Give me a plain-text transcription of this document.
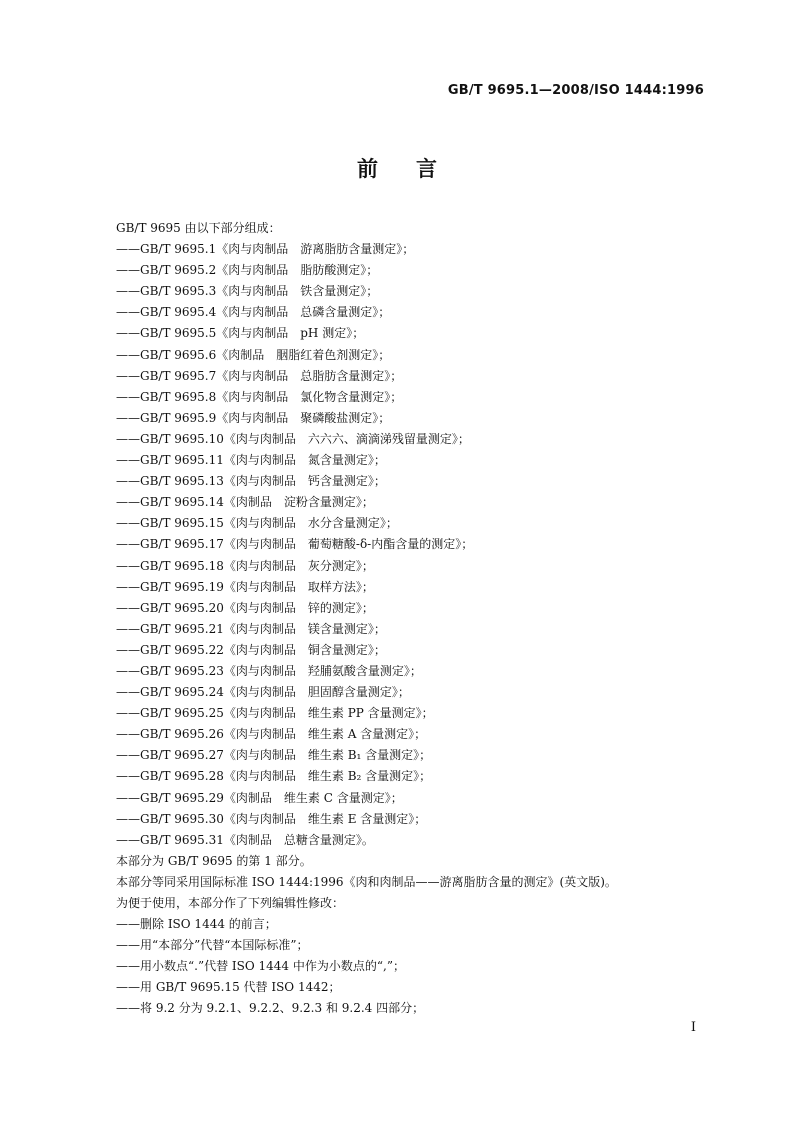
GB/T 9695.1—2008/ISO 1444:1996
前言
GB/T 9695 由以下部分组成：
——GB/T 9695.1《肉与肉制品　游离脂肪含量测定》；
——GB/T 9695.2《肉与肉制品　脂肪酸测定》；
——GB/T 9695.3《肉与肉制品　铁含量测定》；
——GB/T 9695.4《肉与肉制品　总磷含量测定》；
——GB/T 9695.5《肉与肉制品　pH 测定》；
——GB/T 9695.6《肉制品　胭脂红着色剂测定》；
——GB/T 9695.7《肉与肉制品　总脂肪含量测定》；
——GB/T 9695.8《肉与肉制品　氯化物含量测定》；
——GB/T 9695.9《肉与肉制品　聚磷酸盐测定》；
——GB/T 9695.10《肉与肉制品　六六六、滴滴涕残留量测定》；
——GB/T 9695.11《肉与肉制品　氮含量测定》；
——GB/T 9695.13《肉与肉制品　钙含量测定》；
——GB/T 9695.14《肉制品　淀粉含量测定》；
——GB/T 9695.15《肉与肉制品　水分含量测定》；
——GB/T 9695.17《肉与肉制品　葡萄糖酸-δ-内酯含量的测定》；
——GB/T 9695.18《肉与肉制品　灰分测定》；
——GB/T 9695.19《肉与肉制品　取样方法》；
——GB/T 9695.20《肉与肉制品　锌的测定》；
——GB/T 9695.21《肉与肉制品　镁含量测定》；
——GB/T 9695.22《肉与肉制品　铜含量测定》；
——GB/T 9695.23《肉与肉制品　羟脯氨酸含量测定》；
——GB/T 9695.24《肉与肉制品　胆固醇含量测定》；
——GB/T 9695.25《肉与肉制品　维生素 PP 含量测定》；
——GB/T 9695.26《肉与肉制品　维生素 A 含量测定》；
——GB/T 9695.27《肉与肉制品　维生素 B₁ 含量测定》；
——GB/T 9695.28《肉与肉制品　维生素 B₂ 含量测定》；
——GB/T 9695.29《肉制品　维生素 C 含量测定》；
——GB/T 9695.30《肉与肉制品　维生素 E 含量测定》；
——GB/T 9695.31《肉制品　总糖含量测定》。
本部分为 GB/T 9695 的第 1 部分。
本部分等同采用国际标准 ISO 1444:1996《肉和肉制品——游离脂肪含量的测定》(英文版)。
为便于使用，本部分作了下列编辑性修改：
——删除 ISO 1444 的前言；
——用“本部分”代替“本国际标准”；
——用小数点“.”代替 ISO 1444 中作为小数点的“,”；
——用 GB/T 9695.15 代替 ISO 1442；
——将 9.2 分为 9.2.1、9.2.2、9.2.3 和 9.2.4 四部分；
I
